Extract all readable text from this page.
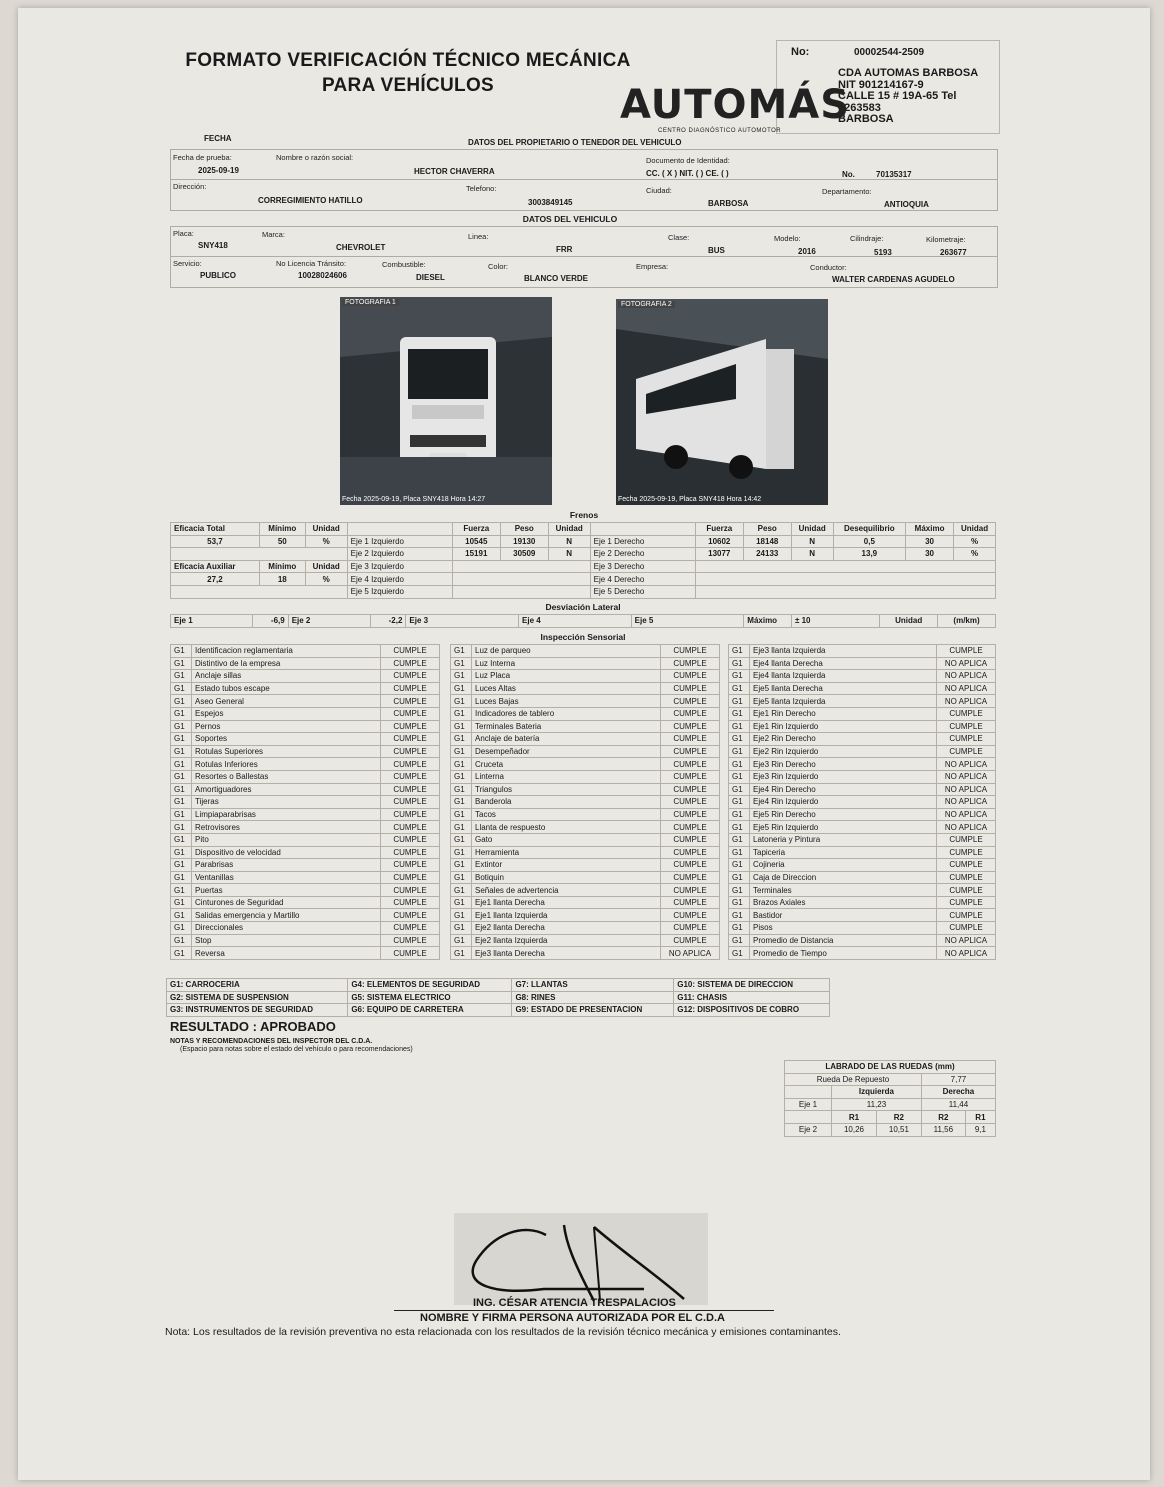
FORMATO VERIFICACIÓN TÉCNICO MECÁNICA
PARA VEHÍCULOS
No:	00002544-2509
CDA AUTOMAS BARBOSA
NIT 901214167-9
CALLE 15 # 19A-65 Tel
6263583
BARBOSA
AUTOMÁS
CENTRO DIAGNÓSTICO AUTOMOTOR
FECHA	DATOS DEL PROPIETARIO O TENEDOR DEL VEHICULO
Fecha de prueba:
2025-09-19
Nombre o razón social:
HECTOR CHAVERRA
Documento de Identidad:
CC. ( X ) NIT. ( ) CE. ( )	No.	70135317
Dirección:
CORREGIMIENTO HATILLO
Telefono:
3003849145
Ciudad:
BARBOSA
Departamento:
ANTIOQUIA
DATOS DEL VEHICULO
Placa:
SNY418
Marca:
CHEVROLET
Linea:
FRR
Clase:
BUS
Modelo:
2016
Cilindraje:
5193
Kilometraje:
263677
Servicio:
PUBLICO
No Licencia Tránsito:
10028024606
Combustible:
DIESEL
Color:
BLANCO VERDE
Empresa:	Conductor:
WALTER CARDENAS AGUDELO
FOTOGRAFIA 1
Fecha 2025-09-19, Placa SNY418 Hora 14:27
FOTOGRAFIA 2
Fecha 2025-09-19, Placa SNY418 Hora 14:42
Frenos
Eficacia Total	Mínimo	Unidad		Fuerza	Peso	Unidad		Fuerza	Peso	Unidad	Desequilibrio	Máximo	Unidad
53,7	50	%	Eje 1 Izquierdo	10545	19130	N	Eje 1 Derecho	10602	18148	N	0,5	30	%
			Eje 2 Izquierdo	15191	30509	N	Eje 2 Derecho	13077	24133	N	13,9	30	%
Eficacia Auxiliar	Mínimo	Unidad	Eje 3 Izquierdo				Eje 3 Derecho						
27,2	18	%	Eje 4 Izquierdo				Eje 4 Derecho						
			Eje 5 Izquierdo				Eje 5 Derecho						
Desviación Lateral
Eje 1	-6,9	Eje 2	-2,2	Eje 3	Eje 4	Eje 5	Máximo	± 10	Unidad	(m/km)
Inspección Sensorial
G1	Identificacion reglamentaria	CUMPLE
G1	Distintivo de la empresa	CUMPLE
G1	Anclaje sillas	CUMPLE
G1	Estado tubos escape	CUMPLE
G1	Aseo General	CUMPLE
G1	Espejos	CUMPLE
G1	Pernos	CUMPLE
G1	Soportes	CUMPLE
G1	Rotulas Superiores	CUMPLE
G1	Rotulas Inferiores	CUMPLE
G1	Resortes o Ballestas	CUMPLE
G1	Amortiguadores	CUMPLE
G1	Tijeras	CUMPLE
G1	Limpiaparabrisas	CUMPLE
G1	Retrovisores	CUMPLE
G1	Pito	CUMPLE
G1	Dispositivo de velocidad	CUMPLE
G1	Parabrisas	CUMPLE
G1	Ventanillas	CUMPLE
G1	Puertas	CUMPLE
G1	Cinturones de Seguridad	CUMPLE
G1	Salidas emergencia y Martillo	CUMPLE
G1	Direccionales	CUMPLE
G1	Stop	CUMPLE
G1	Reversa	CUMPLE
G1	Luz de parqueo	CUMPLE
G1	Luz Interna	CUMPLE
G1	Luz Placa	CUMPLE
G1	Luces Altas	CUMPLE
G1	Luces Bajas	CUMPLE
G1	Indicadores de tablero	CUMPLE
G1	Terminales Bateria	CUMPLE
G1	Anclaje de batería	CUMPLE
G1	Desempeñador	CUMPLE
G1	Cruceta	CUMPLE
G1	Linterna	CUMPLE
G1	Triangulos	CUMPLE
G1	Banderola	CUMPLE
G1	Tacos	CUMPLE
G1	Llanta de respuesto	CUMPLE
G1	Gato	CUMPLE
G1	Herramienta	CUMPLE
G1	Extintor	CUMPLE
G1	Botiquin	CUMPLE
G1	Señales de advertencia	CUMPLE
G1	Eje1 llanta Derecha	CUMPLE
G1	Eje1 llanta Izquierda	CUMPLE
G1	Eje2 llanta Derecha	CUMPLE
G1	Eje2 llanta Izquierda	CUMPLE
G1	Eje3 llanta Derecha	NO APLICA
G1	Eje3 llanta Izquierda	CUMPLE
G1	Eje4 llanta Derecha	NO APLICA
G1	Eje4 llanta Izquierda	NO APLICA
G1	Eje5 llanta Derecha	NO APLICA
G1	Eje5 llanta Izquierda	NO APLICA
G1	Eje1 Rin Derecho	CUMPLE
G1	Eje1 Rin Izquierdo	CUMPLE
G1	Eje2 Rin Derecho	CUMPLE
G1	Eje2 Rin Izquierdo	CUMPLE
G1	Eje3 Rin Derecho	NO APLICA
G1	Eje3 Rin Izquierdo	NO APLICA
G1	Eje4 Rin Derecho	NO APLICA
G1	Eje4 Rin Izquierdo	NO APLICA
G1	Eje5 Rin Derecho	NO APLICA
G1	Eje5 Rin Izquierdo	NO APLICA
G1	Latoneria y Pintura	CUMPLE
G1	Tapiceria	CUMPLE
G1	Cojineria	CUMPLE
G1	Caja de Direccion	CUMPLE
G1	Terminales	CUMPLE
G1	Brazos Axiales	CUMPLE
G1	Bastidor	CUMPLE
G1	Pisos	CUMPLE
G1	Promedio de Distancia	NO APLICA
G1	Promedio de Tiempo	NO APLICA
G1: CARROCERIA	G4: ELEMENTOS DE SEGURIDAD	G7: LLANTAS	G10: SISTEMA DE DIRECCION
G2: SISTEMA DE SUSPENSION	G5: SISTEMA ELECTRICO	G8: RINES	G11: CHASIS
G3: INSTRUMENTOS DE SEGURIDAD	G6: EQUIPO DE CARRETERA	G9: ESTADO DE PRESENTACION	G12: DISPOSITIVOS DE COBRO
RESULTADO : APROBADO
NOTAS Y RECOMENDACIONES DEL INSPECTOR DEL C.D.A.
(Espacio para notas sobre el estado del vehículo o para recomendaciones)
LABRADO DE LAS RUEDAS (mm)				
Rueda De Repuesto			7,77	
	Izquierda		Derecha	
Eje 1	11,23		11,44	
	R1	R2	R2	R1
Eje 2	10,26	10,51	11,56	9,1
ING. CÉSAR ATENCIA TRESPALACIOS
NOMBRE Y FIRMA PERSONA AUTORIZADA POR EL C.D.A
Nota: Los resultados de la revisión preventiva no esta relacionada con los resultados de la revisión técnico mecánica y emisiones contaminantes.
